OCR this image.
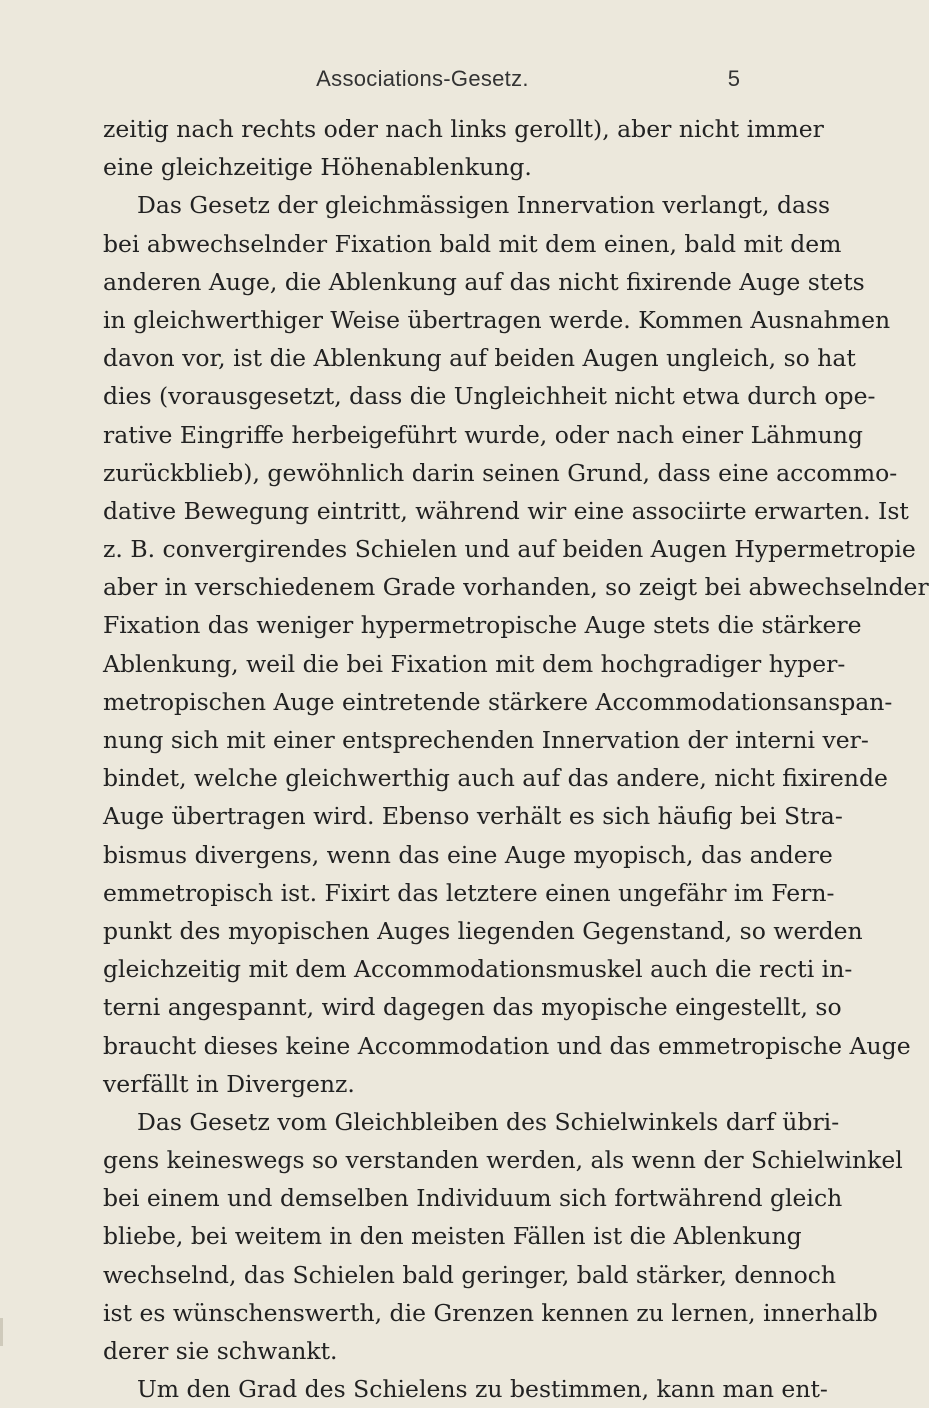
Associations-Gesetz.	5
zeitig nach rechts oder nach links gerollt), aber nicht immer
eine gleichzeitige Höhenablenkung.
Das Gesetz der gleichmässigen Innervation verlangt, dass
bei abwechselnder Fixation bald mit dem einen, bald mit dem
anderen Auge, die Ablenkung auf das nicht fixirende Auge stets
in gleichwerthiger Weise übertragen werde. Kommen Ausnahmen
davon vor, ist die Ablenkung auf beiden Augen ungleich, so hat
dies (vorausgesetzt, dass die Ungleichheit nicht etwa durch ope-
rative Eingriffe herbeigeführt wurde, oder nach einer Lähmung
zurückblieb), gewöhnlich darin seinen Grund, dass eine accommo-
dative Bewegung eintritt, während wir eine associirte erwarten. Ist
z. B. convergirendes Schielen und auf beiden Augen Hypermetropie
aber in verschiedenem Grade vorhanden, so zeigt bei abwechselnder
Fixation das weniger hypermetropische Auge stets die stärkere
Ablenkung, weil die bei Fixation mit dem hochgradiger hyper-
metropischen Auge eintretende stärkere Accommodationsanspan-
nung sich mit einer entsprechenden Innervation der interni ver-
bindet, welche gleichwerthig auch auf das andere, nicht fixirende
Auge übertragen wird. Ebenso verhält es sich häufig bei Stra-
bismus divergens, wenn das eine Auge myopisch, das andere
emmetropisch ist. Fixirt das letztere einen ungefähr im Fern-
punkt des myopischen Auges liegenden Gegenstand, so werden
gleichzeitig mit dem Accommodationsmuskel auch die recti in-
terni angespannt, wird dagegen das myopische eingestellt, so
braucht dieses keine Accommodation und das emmetropische Auge
verfällt in Divergenz.
Das Gesetz vom Gleichbleiben des Schielwinkels darf übri-
gens keineswegs so verstanden werden, als wenn der Schielwinkel
bei einem und demselben Individuum sich fortwährend gleich
bliebe, bei weitem in den meisten Fällen ist die Ablenkung
wechselnd, das Schielen bald geringer, bald stärker, dennoch
ist es wünschenswerth, die Grenzen kennen zu lernen, innerhalb
derer sie schwankt.
Um den Grad des Schielens zu bestimmen, kann man ent-
